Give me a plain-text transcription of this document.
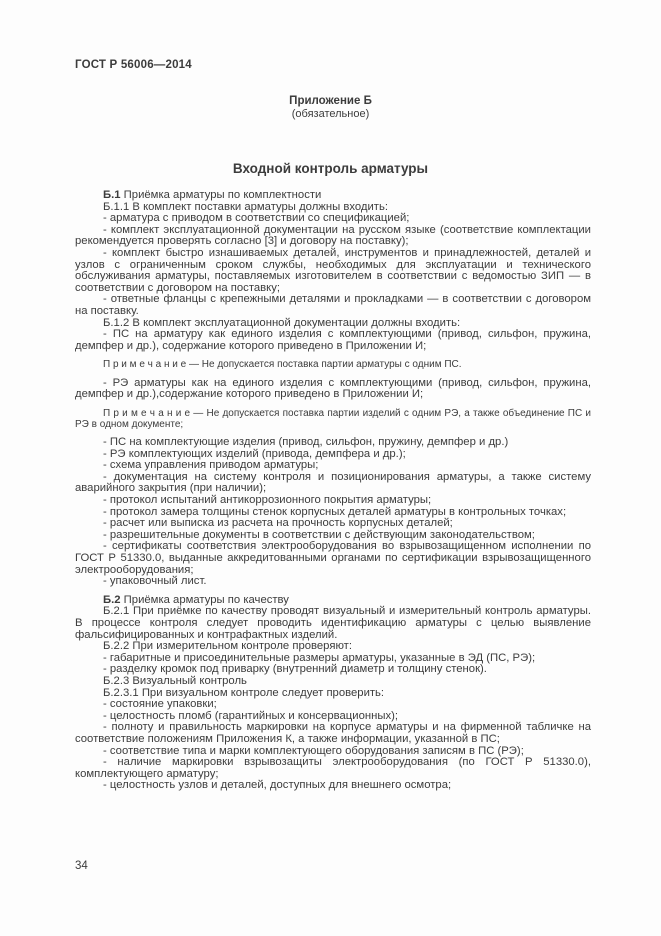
ГОСТ Р 56006—2014
Приложение Б
(обязательное)
Входной контроль арматуры

Б.1 Приёмка арматуры по комплектности

Б.1.1 В комплект поставки арматуры должны входить:

- арматура с приводом в соответствии со спецификацией;

- комплект эксплуатационной документации на русском языке (соответствие комплектации рекомендуется проверять согласно [3] и договору на поставку);

- комплект быстро изнашиваемых деталей, инструментов и принадлежностей, деталей и узлов с ограниченным сроком службы, необходимых для эксплуатации и технического обслуживания арматуры, поставляемых изготовителем в соответствии с ведомостью ЗИП — в соответствии с договором на поставку;

- ответные фланцы с крепежными деталями и прокладками — в соответствии с договором на поставку.

Б.1.2 В комплект эксплуатационной документации должны входить:

- ПС на арматуру как единого изделия с комплектующими (привод, сильфон, пружина, демпфер и др.), содержание которого приведено в Приложении И;

П р и м е ч а н и е — Не допускается поставка партии арматуры с одним ПС.

- РЭ арматуры как на единого изделия с комплектующими (привод, сильфон, пружина, демпфер и др.),содержание которого приведено в Приложении И;

П р и м е ч а н и е — Не допускается поставка партии изделий с одним РЭ, а также объединение ПС и РЭ в одном документе;

- ПС на комплектующие изделия (привод, сильфон, пружину, демпфер и др.)

- РЭ комплектующих изделий (привода, демпфера и др.);

- схема управления приводом арматуры;

- документация на систему контроля и позиционирования арматуры, а также систему аварийного закрытия (при наличии);

- протокол испытаний антикоррозионного покрытия арматуры;

- протокол замера толщины стенок корпусных деталей арматуры в контрольных точках;

- расчет или выписка из расчета на прочность корпусных деталей;

- разрешительные документы в соответствии с действующим законодательством;

- сертификаты соответствия электрооборудования во взрывозащищенном исполнении по ГОСТ Р 51330.0, выданные аккредитованными органами по сертификации взрывозащищенного электрооборудования;

- упаковочный лист.

Б.2 Приёмка арматуры по качеству

Б.2.1 При приёмке по качеству проводят визуальный и измерительный контроль арматуры. В процессе контроля следует проводить идентификацию арматуры с целью выявление фальсифицированных и контрафактных изделий.

Б.2.2 При измерительном контроле проверяют:

- габаритные и присоединительные размеры арматуры, указанные в ЭД (ПС, РЭ);

- разделку кромок под приварку (внутренний диаметр и толщину стенок).

Б.2.3 Визуальный контроль

Б.2.3.1 При визуальном контроле следует проверить:

- состояние упаковки;

- целостность пломб (гарантийных и консервационных);

- полноту и правильность маркировки на корпусе арматуры и на фирменной табличке на соответствие положениям Приложения К, а также информации, указанной в ПС;

- соответствие типа и марки комплектующего оборудования записям в ПС (РЭ);

- наличие маркировки взрывозащиты электрооборудования (по ГОСТ Р 51330.0), комплектующего арматуру;

- целостность узлов и деталей, доступных для внешнего осмотра;

34
